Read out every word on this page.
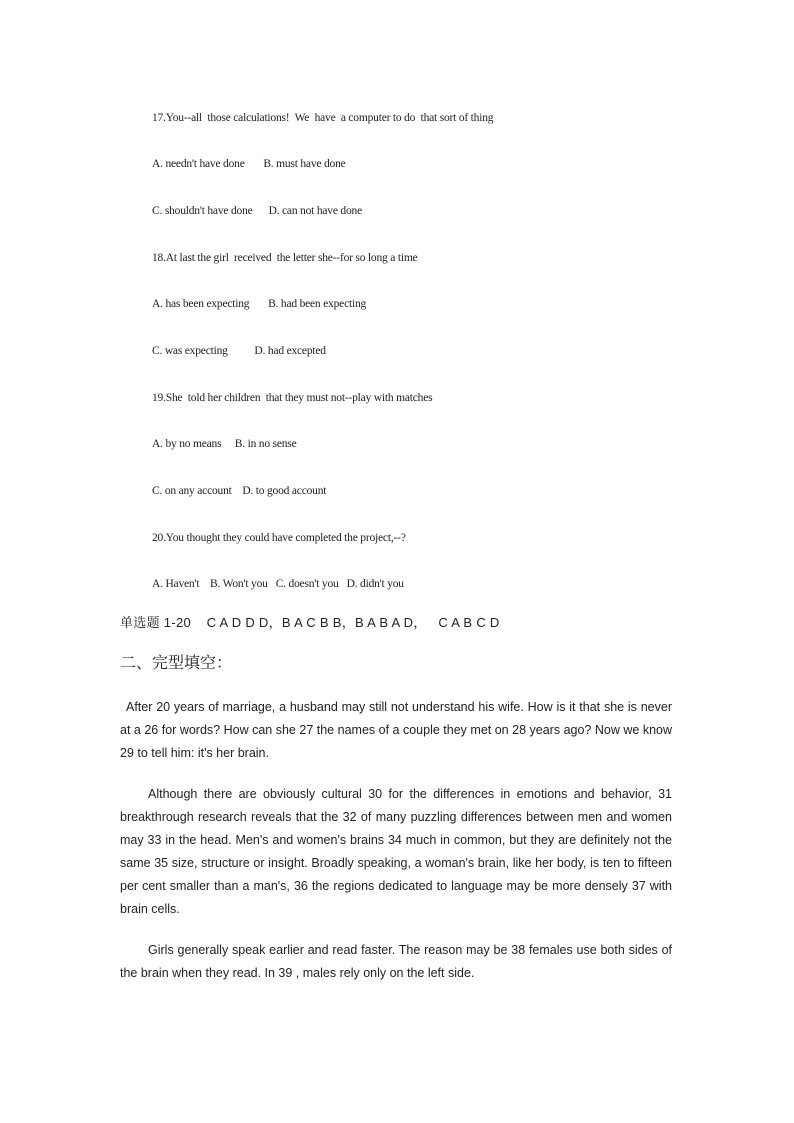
17.You--all  those calculations!  We  have  a computer to do  that sort of thing
A. needn't have done       B. must have done
C. shouldn't have done      D. can not have done
18.At last the girl  received  the letter she--for so long a time
A. has been expecting       B. had been expecting
C. was expecting          D. had excepted
19.She  told her children  that they must not--play with matches
A. by no means     B. in no sense
C. on any account    D. to good account
20.You thought they could have completed the project,--?
A. Haven't    B. Won't you   C. doesn't you   D. didn't you
单选题 1-20    C A D D D，B A C B B，B A B A D，   C A B C D
二、完型填空：

After 20 years of marriage, a husband may still not understand his wife. How is it that she is never at a 26 for words? How can she 27 the names of a couple they met on 28 years ago? Now we know 29 to tell him: it's her brain.

Although there are obviously cultural 30 for the differences in emotions and behavior, 31 breakthrough research reveals that the 32 of many puzzling differences between men and women may 33 in the head. Men's and women's brains 34 much in common, but they are definitely not the same 35 size, structure or insight. Broadly speaking, a woman's brain, like her body, is ten to fifteen per cent smaller than a man's, 36 the regions dedicated to language may be more densely 37 with brain cells.

Girls generally speak earlier and read faster. The reason may be 38 females use both sides of the brain when they read. In 39 , males rely only on the left side.
